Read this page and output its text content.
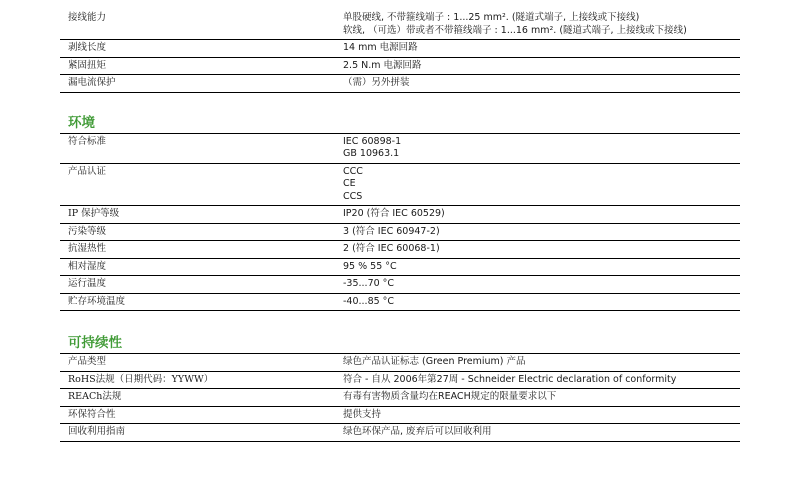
接线能力	单股硬线, 不带箍线端子 : 1...25 mm². (隧道式端子, 上接线或下接线)
软线, （可选）带或者不带箍线端子 : 1...16 mm². (隧道式端子, 上接线或下接线)

剥线长度	14 mm 电源回路

紧固扭矩	2.5 N.m 电源回路

漏电流保护	（需）另外拼装
环境
符合标准	IEC 60898-1
GB 10963.1

产品认证	CCC
CE
CCS

IP 保护等级	IP20 (符合 IEC 60529)

污染等级	3 (符合 IEC 60947-2)

抗湿热性	2 (符合 IEC 60068-1)

相对湿度	95 % 55 °C

运行温度	-35...70 °C

贮存环境温度	-40...85 °C
可持续性
产品类型	绿色产品认证标志 (Green Premium) 产品

RoHS法规（日期代码：YYWW）	符合 - 自从 2006年第27周 - Schneider Electric declaration of conformity

REACh法规	有毒有害物质含量均在REACH规定的限量要求以下

环保符合性	提供支持

回收利用指南	绿色环保产品, 废弃后可以回收利用
